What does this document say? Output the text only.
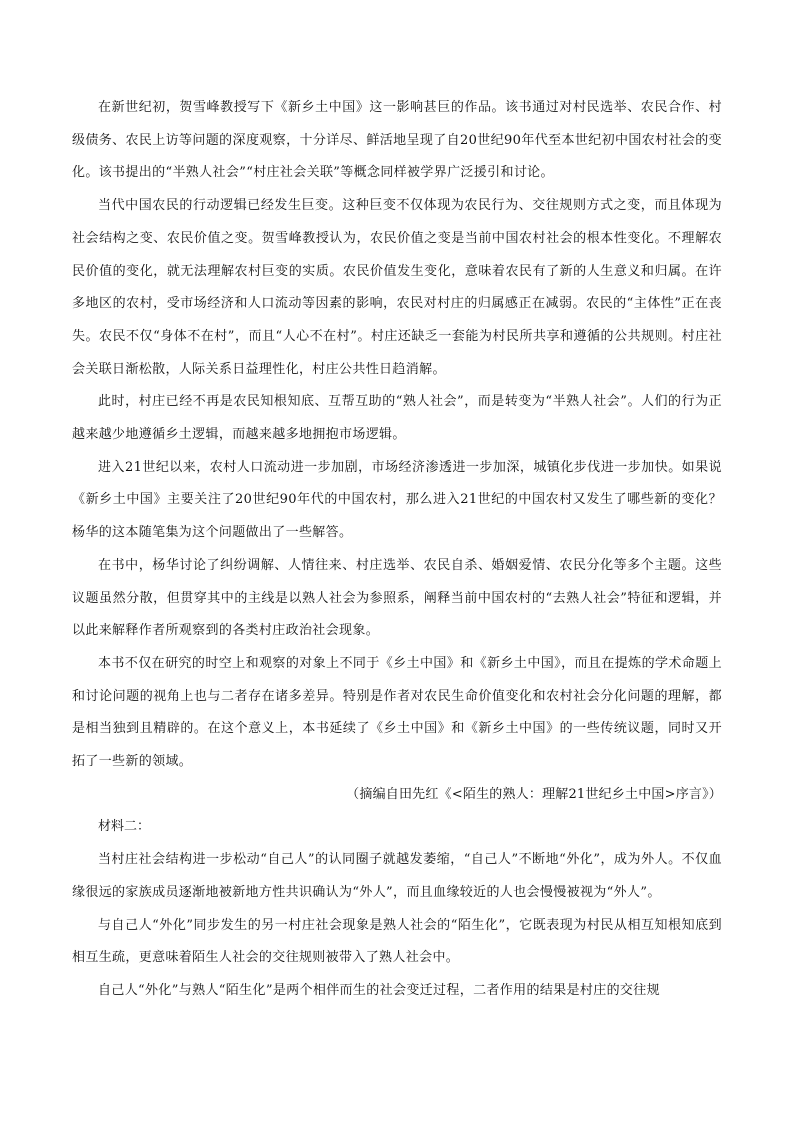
在新世纪初，贺雪峰教授写下《新乡土中国》这一影响甚巨的作品。该书通过对村民选举、农民合作、村级债务、农民上访等问题的深度观察，十分详尽、鲜活地呈现了自20世纪90年代至本世纪初中国农村社会的变化。该书提出的“半熟人社会”“村庄社会关联”等概念同样被学界广泛援引和讨论。

当代中国农民的行动逻辑已经发生巨变。这种巨变不仅体现为农民行为、交往规则方式之变，而且体现为社会结构之变、农民价值之变。贺雪峰教授认为，农民价值之变是当前中国农村社会的根本性变化。不理解农民价值的变化，就无法理解农村巨变的实质。农民价值发生变化，意味着农民有了新的人生意义和归属。在许多地区的农村，受市场经济和人口流动等因素的影响，农民对村庄的归属感正在减弱。农民的“主体性”正在丧失。农民不仅“身体不在村”，而且“人心不在村”。村庄还缺乏一套能为村民所共享和遵循的公共规则。村庄社会关联日渐松散，人际关系日益理性化，村庄公共性日趋消解。

此时，村庄已经不再是农民知根知底、互帮互助的“熟人社会”，而是转变为“半熟人社会”。人们的行为正越来越少地遵循乡土逻辑，而越来越多地拥抱市场逻辑。

进入21世纪以来，农村人口流动进一步加剧，市场经济渗透进一步加深，城镇化步伐进一步加快。如果说《新乡土中国》主要关注了20世纪90年代的中国农村，那么进入21世纪的中国农村又发生了哪些新的变化？杨华的这本随笔集为这个问题做出了一些解答。

在书中，杨华讨论了纠纷调解、人情往来、村庄选举、农民自杀、婚姻爱情、农民分化等多个主题。这些议题虽然分散，但贯穿其中的主线是以熟人社会为参照系，阐释当前中国农村的“去熟人社会”特征和逻辑，并以此来解释作者所观察到的各类村庄政治社会现象。

本书不仅在研究的时空上和观察的对象上不同于《乡土中国》和《新乡土中国》，而且在提炼的学术命题上和讨论问题的视角上也与二者存在诸多差异。特别是作者对农民生命价值变化和农村社会分化问题的理解，都是相当独到且精辟的。在这个意义上，本书延续了《乡土中国》和《新乡土中国》的一些传统议题，同时又开拓了一些新的领域。

（摘编自田先红《<陌生的熟人：理解21世纪乡土中国>序言》）

材料二：

当村庄社会结构进一步松动“自己人”的认同圈子就越发萎缩，“自己人”不断地“外化”，成为外人。不仅血缘很远的家族成员逐渐地被新地方性共识确认为“外人”，而且血缘较近的人也会慢慢被视为“外人”。

与自己人“外化”同步发生的另一村庄社会现象是熟人社会的“陌生化”，它既表现为村民从相互知根知底到相互生疏，更意味着陌生人社会的交往规则被带入了熟人社会中。

自己人“外化”与熟人“陌生化”是两个相伴而生的社会变迁过程，二者作用的结果是村庄的交往规
